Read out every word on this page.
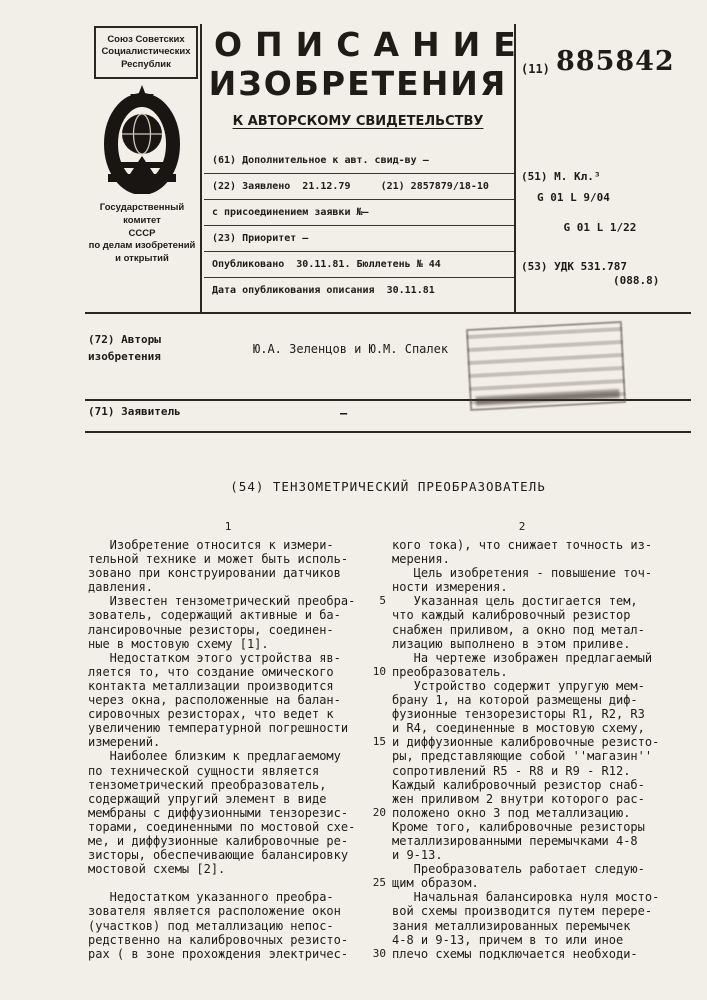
Союз Советских
Социалистических
Республик
Государственный комитет
СССР
по делам изобретений
и открытий
ОПИСАНИЕ
ИЗОБРЕТЕНИЯ
К АВТОРСКОМУ СВИДЕТЕЛЬСТВУ
(61) Дополнительное к авт. свид-ву –
(22) Заявлено  21.12.79     (21) 2857879/18-10
с присоединением заявки №–
(23) Приоритет –
Опубликовано  30.11.81. Бюллетень № 44
Дата опубликования описания  30.11.81
(11) 885842
(51) М. Кл.³
G 01 L 9/04

G 01 L 1/22
(53) УДК 531.787
(088.8)
(72) Авторы
изобретения	Ю.А. Зеленцов и Ю.М. Спалек
(71) Заявитель	—
(54) ТЕНЗОМЕТРИЧЕСКИЙ ПРЕОБРАЗОВАТЕЛЬ
1	2
Изобретение относится к измери-
тельной технике и может быть исполь-
зовано при конструировании датчиков
давления.
Известен тензометрический преобра-
зователь, содержащий активные и ба-
лансировочные резисторы, соединен-
ные в мостовую схему [1].
Недостатком этого устройства яв-
ляется то, что создание омического
контакта металлизации производится
через окна, расположенные на балан-
сировочных резисторах, что ведет к
увеличению температурной погрешности
измерений.
Наиболее близким к предлагаемому
по технической сущности является
тензометрический преобразователь,
содержащий упругий элемент в виде
мембраны с диффузионными тензорезис-
торами, соединенными по мостовой схе-
ме, и диффузионные калибровочные ре-
зисторы, обеспечивающие балансировку
мостовой схемы [2].

Недостатком указанного преобра-
зователя является расположение окон
(участков) под металлизацию непос-
редственно на калибровочных резисто-
рах ( в зоне прохождения электричес-
кого тока), что снижает точность из-
мерения.
Цель изобретения - повышение точ-
ности измерения.
Указанная цель достигается тем,
что каждый калибровочный резистор
снабжен приливом, а окно под метал-
лизацию выполнено в этом приливе.
На чертеже изображен предлагаемый
преобразователь.
Устройство содержит упругую мем-
брану 1, на которой размещены диф-
фузионные тензорезисторы R1, R2, R3
и R4, соединенные в мостовую схему,
и диффузионные калибровочные резисто-
ры, представляющие собой ''магазин''
сопротивлений R5 - R8 и R9 - R12.
Каждый калибровочный резистор снаб-
жен приливом 2 внутри которого рас-
положено окно 3 под металлизацию.
Кроме того, калибровочные резисторы
металлизированными перемычками 4-8
и 9-13.
Преобразователь работает следую-
щим образом.
Начальная балансировка нуля мосто-
вой схемы производится путем перере-
зания металлизированных перемычек
4-8 и 9-13, причем в то или иное
плечо схемы подключается необходи-
5
10
15
20
25
30
